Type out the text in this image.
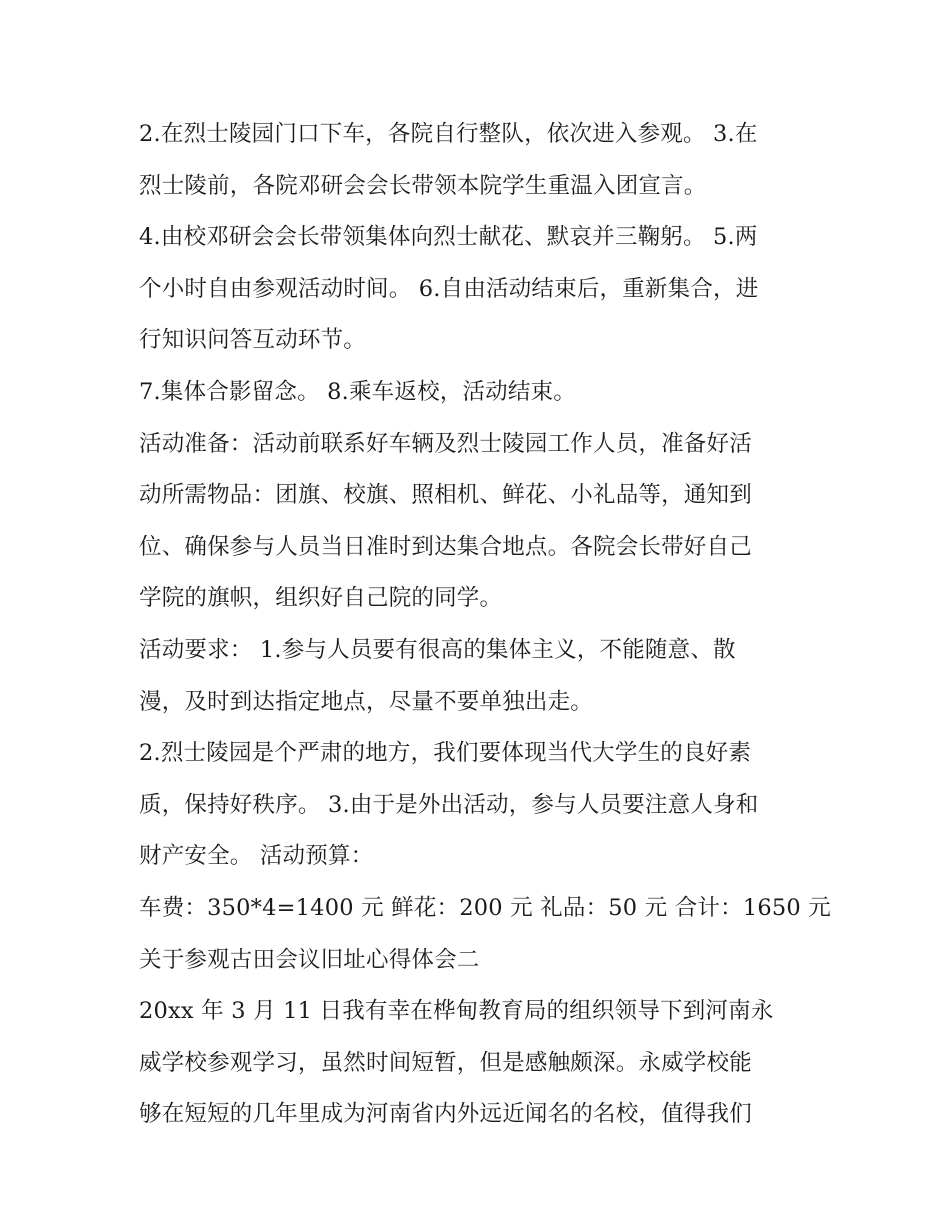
2.在烈士陵园门口下车，各院自行整队，依次进入参观。 3.在
烈士陵前，各院邓研会会长带领本院学生重温入团宣言。
4.由校邓研会会长带领集体向烈士献花、默哀并三鞠躬。 5.两
个小时自由参观活动时间。 6.自由活动结束后，重新集合，进
行知识问答互动环节。
7.集体合影留念。 8.乘车返校，活动结束。
活动准备：活动前联系好车辆及烈士陵园工作人员，准备好活
动所需物品：团旗、校旗、照相机、鲜花、小礼品等，通知到
位、确保参与人员当日准时到达集合地点。各院会长带好自己
学院的旗帜，组织好自己院的同学。
活动要求： 1.参与人员要有很高的集体主义，不能随意、散
漫，及时到达指定地点，尽量不要单独出走。
2.烈士陵园是个严肃的地方，我们要体现当代大学生的良好素
质，保持好秩序。 3.由于是外出活动，参与人员要注意人身和
财产安全。 活动预算：
车费：350*4=1400 元 鲜花：200 元 礼品：50 元 合计：1650 元
关于参观古田会议旧址心得体会二
20xx 年 3 月 11 日我有幸在桦甸教育局的组织领导下到河南永
威学校参观学习，虽然时间短暂，但是感触颇深。永威学校能
够在短短的几年里成为河南省内外远近闻名的名校，值得我们
